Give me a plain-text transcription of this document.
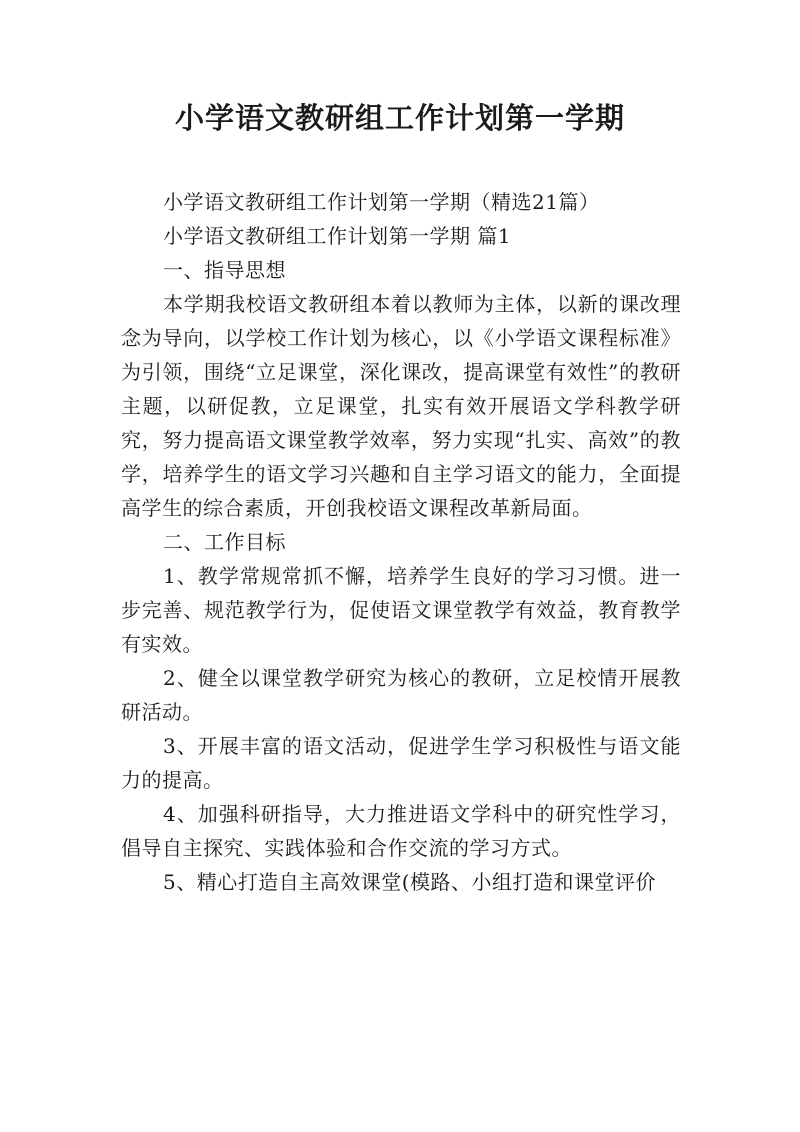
小学语文教研组工作计划第一学期

小学语文教研组工作计划第一学期（精选21篇）

小学语文教研组工作计划第一学期 篇1

一、指导思想

本学期我校语文教研组本着以教师为主体，以新的课改理念为导向，以学校工作计划为核心，以《小学语文课程标准》为引领，围绕“立足课堂，深化课改，提高课堂有效性”的教研主题，以研促教，立足课堂，扎实有效开展语文学科教学研究，努力提高语文课堂教学效率，努力实现“扎实、高效”的教学，培养学生的语文学习兴趣和自主学习语文的能力，全面提高学生的综合素质，开创我校语文课程改革新局面。

二、工作目标

1、教学常规常抓不懈，培养学生良好的学习习惯。进一步完善、规范教学行为，促使语文课堂教学有效益，教育教学有实效。

2、健全以课堂教学研究为核心的教研，立足校情开展教研活动。

3、开展丰富的语文活动，促进学生学习积极性与语文能力的提高。

4、加强科研指导，大力推进语文学科中的研究性学习，倡导自主探究、实践体验和合作交流的学习方式。

5、精心打造自主高效课堂(模路、小组打造和课堂评价
